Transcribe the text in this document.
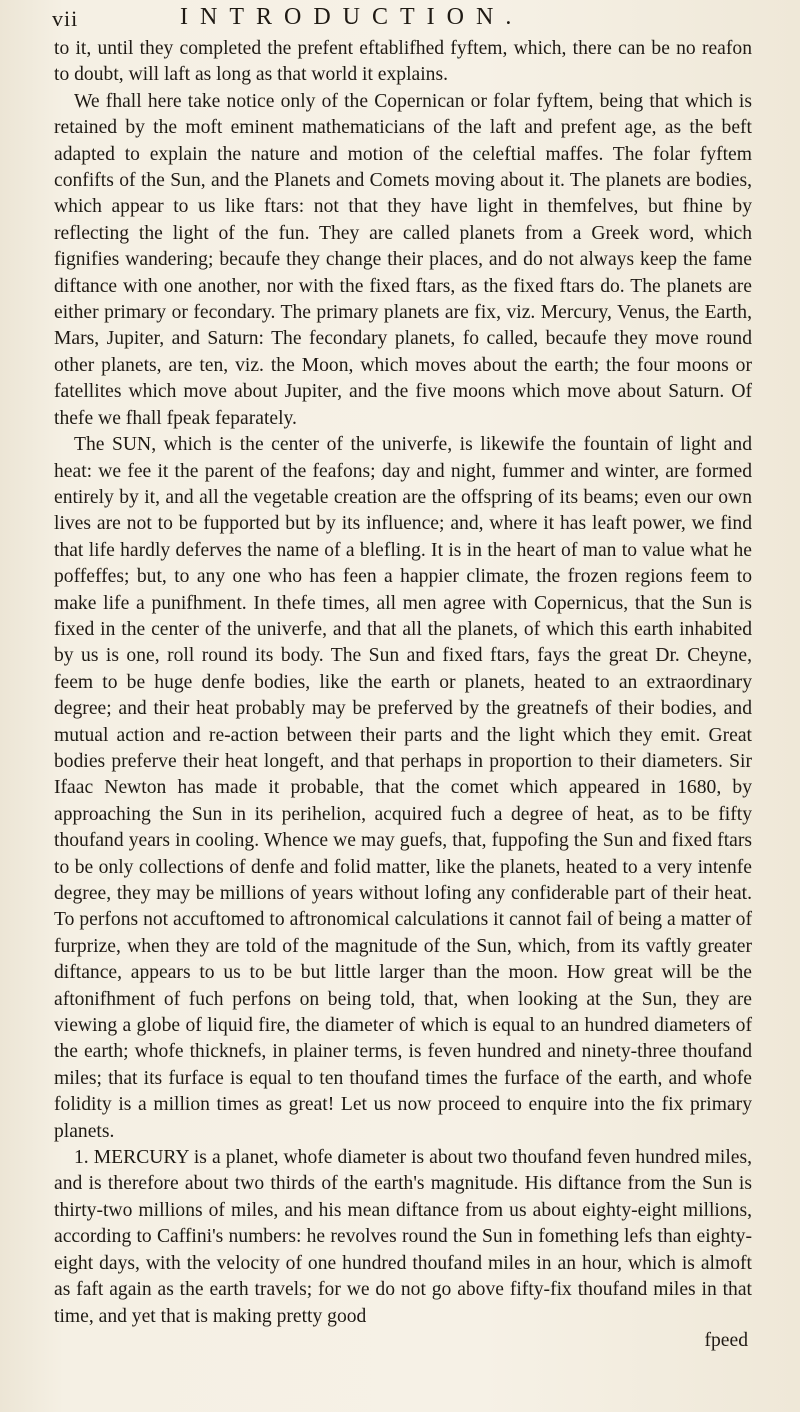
vii	INTRODUCTION.

to it, until they completed the prefent eftablifhed fyftem, which, there can be no reafon to doubt, will laft as long as that world it explains.

We fhall here take notice only of the Copernican or folar fyftem, being that which is retained by the moft eminent mathematicians of the laft and prefent age, as the beft adapted to explain the nature and motion of the celeftial maffes. The folar fyftem confifts of the Sun, and the Planets and Comets moving about it. The planets are bodies, which appear to us like ftars: not that they have light in themfelves, but fhine by reflecting the light of the fun. They are called planets from a Greek word, which fignifies wandering; becaufe they change their places, and do not always keep the fame diftance with one another, nor with the fixed ftars, as the fixed ftars do. The planets are either primary or fecondary. The primary planets are fix, viz. Mercury, Venus, the Earth, Mars, Jupiter, and Saturn: The fecondary planets, fo called, becaufe they move round other planets, are ten, viz. the Moon, which moves about the earth; the four moons or fatellites which move about Jupiter, and the five moons which move about Saturn. Of thefe we fhall fpeak feparately.

The SUN, which is the center of the univerfe, is likewife the fountain of light and heat: we fee it the parent of the feafons; day and night, fummer and winter, are formed entirely by it, and all the vegetable creation are the offspring of its beams; even our own lives are not to be fupported but by its influence; and, where it has leaft power, we find that life hardly deferves the name of a blefling. It is in the heart of man to value what he poffeffes; but, to any one who has feen a happier climate, the frozen regions feem to make life a punifhment. In thefe times, all men agree with Copernicus, that the Sun is fixed in the center of the univerfe, and that all the planets, of which this earth inhabited by us is one, roll round its body. The Sun and fixed ftars, fays the great Dr. Cheyne, feem to be huge denfe bodies, like the earth or planets, heated to an extraordinary degree; and their heat probably may be preferved by the greatnefs of their bodies, and mutual action and re-action between their parts and the light which they emit. Great bodies preferve their heat longeft, and that perhaps in proportion to their diameters. Sir Ifaac Newton has made it probable, that the comet which appeared in 1680, by approaching the Sun in its perihelion, acquired fuch a degree of heat, as to be fifty thoufand years in cooling. Whence we may guefs, that, fuppofing the Sun and fixed ftars to be only collections of denfe and folid matter, like the planets, heated to a very intenfe degree, they may be millions of years without lofing any confiderable part of their heat. To perfons not accuftomed to aftronomical calculations it cannot fail of being a matter of furprize, when they are told of the magnitude of the Sun, which, from its vaftly greater diftance, appears to us to be but little larger than the moon. How great will be the aftonifhment of fuch perfons on being told, that, when looking at the Sun, they are viewing a globe of liquid fire, the diameter of which is equal to an hundred diameters of the earth; whofe thicknefs, in plainer terms, is feven hundred and ninety-three thoufand miles; that its furface is equal to ten thoufand times the furface of the earth, and whofe folidity is a million times as great! Let us now proceed to enquire into the fix primary planets.

1. MERCURY is a planet, whofe diameter is about two thoufand feven hundred miles, and is therefore about two thirds of the earth's magnitude. His diftance from the Sun is thirty-two millions of miles, and his mean diftance from us about eighty-eight millions, according to Caffini's numbers: he revolves round the Sun in fomething lefs than eighty-eight days, with the velocity of one hundred thoufand miles in an hour, which is almoft as faft again as the earth travels; for we do not go above fifty-fix thoufand miles in that time, and yet that is making pretty good

fpeed
